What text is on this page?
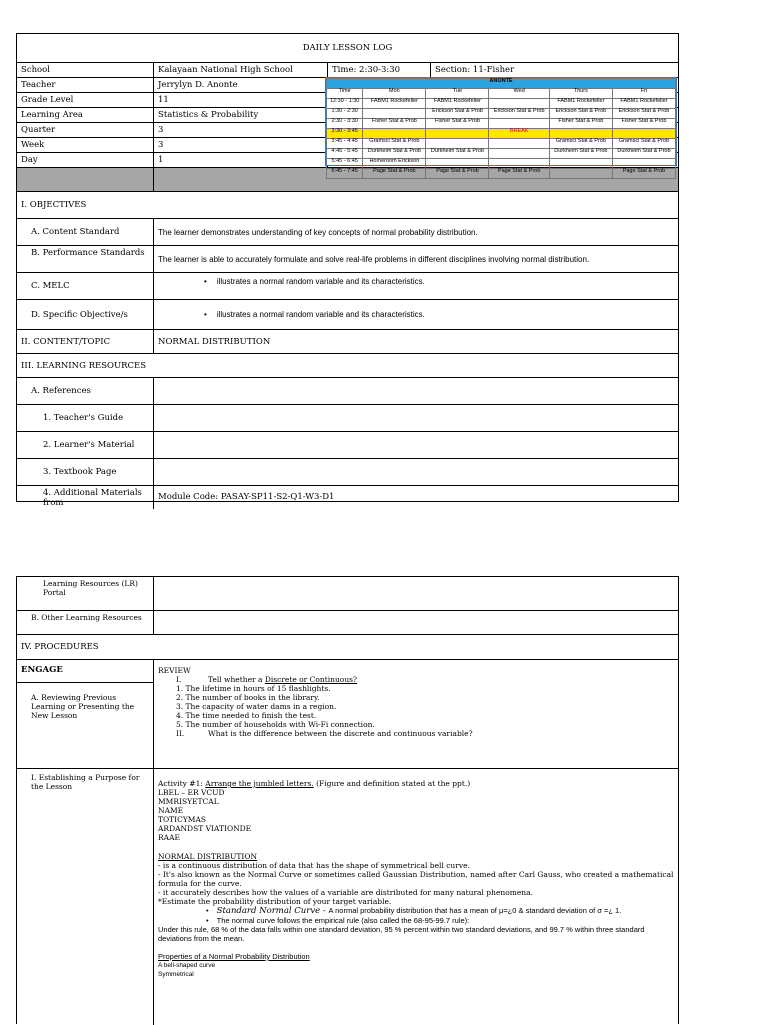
DAILY LESSON LOG
School	Kalayaan National High School	Time: 2:30-3:30	Section: 11-Fisher
Teacher	Jerrylyn D. Anonte
Grade Level	11
Learning Area	Statistics & Probability
Quarter	3
Week	3
Day	1
I. OBJECTIVES
A. Content Standard	The learner demonstrates understanding of key concepts of normal probability distribution.
B. Performance Standards
The learner is able to accurately formulate and solve real-life problems in different disciplines involving normal distribution.
C. MELC	• illustrates a normal random variable and its characteristics.
D. Specific Objective/s	• illustrates a normal random variable and its characteristics.
II. CONTENT/TOPIC	NORMAL DISTRIBUTION
III. LEARNING RESOURCES
A. References
1. Teacher's Guide
2. Learner's Material
3. Textbook Page
4. Additional Materials from
Module Code: PASAY-SP11-S2-Q1-W3-D1
ANONTE					
Time	Mon	Tue	Wed	Thurs	Fri
12:30 - 1:30	FABM1 Rockefeller	FABM1 Rockefeller		FABM1 Rockefeller	FABM1 Rockefeller
1:30 - 2:30		Erickson Stat & Prob	Erickson Stat & Prob	Erickson Stat & Prob	Erickson Stat & Prob
2:30 - 3:30	Fisher Stat & Prob	Fisher Stat & Prob		Fisher Stat & Prob	Fisher Stat & Prob
3:30 - 3:45			BREAK		
3:45 - 4:45	Gramsci Stat & Prob			Gramsci Stat & Prob	Gramsci Stat & Prob
4:45 - 5:45	Durkheim Stat & Prob	Durkheim Stat & Prob		Durkheim Stat & Prob	Durkheim Stat & Prob
5:45 - 6:45	Homeroom Erickson				
6:45 - 7:45	Page Stat & Prob	Page Stat & Prob	Page Stat & Prob		Page Stat & Prob
Learning Resources (LR) Portal
B. Other Learning Resources
IV. PROCEDURES
ENGAGE
A. Reviewing Previous Learning or Presenting the New Lesson
REVIEW
I.	Tell whether a Discrete or Continuous?
1. The lifetime in hours of 15 flashlights.
2. The number of books in the library.
3. The capacity of water dams in a region.
4. The time needed to finish the test.
5. The number of households with Wi-Fi connection.
II.	What is the difference between the discrete and continuous variable?
I. Establishing a Purpose for the Lesson	Activity #1: Arrange the jumbled letters. (Figure and definition stated at the ppt.)
LBEL – ER VCUD
MMRISYETCAL
NAME
TOTICYMAS
ARDANDST VIATIONDE
RAAE
NORMAL DISTRIBUTION
- is a continuous distribution of data that has the shape of symmetrical bell curve.
- It's also known as the Normal Curve or sometimes called Gaussian Distribution, named after Carl Gauss, who created a mathematical formula for the curve.
- it accurately describes how the values of a variable are distributed for many natural phenomena.
*Estimate the probability distribution of your target variable.
• Standard Normal Curve - A normal probability distribution that has a mean of μ=¿0 & standard deviation of σ =¿ 1.
• The normal curve follows the empirical rule (also called the 68-95-99.7 rule):
Under this rule, 68 % of the data falls within one standard deviation, 95 % percent within two standard deviations, and 99.7 % within three standard deviations from the mean.
Properties of a Normal Probability Distribution
A bell-shaped curve
Symmetrical
